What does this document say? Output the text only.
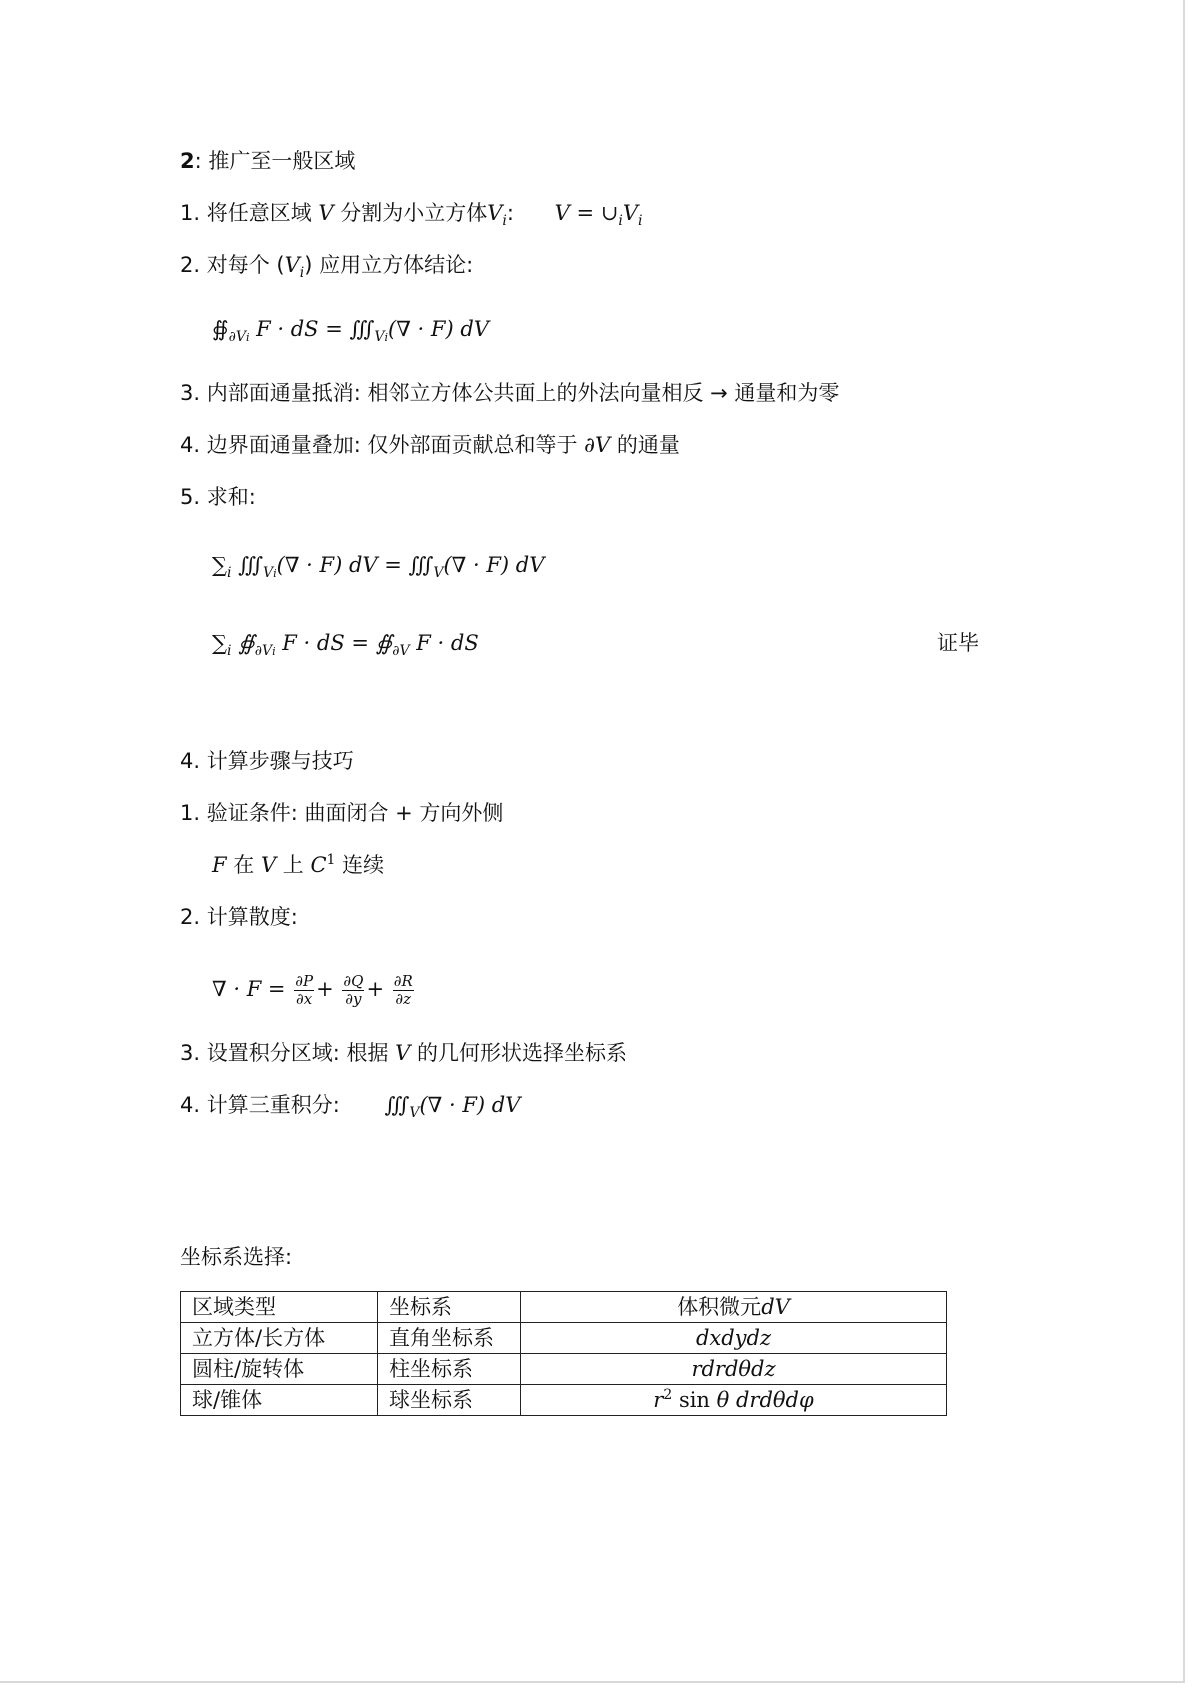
2: 推广至一般区域
1. 将任意区域 V 分割为小立方体$V_i$: $V = \cup_iV_i$
2. 对每个 $(V_i)$ 应用立方体结论:
$∯_{\partial Vi}$ F · dS = $∭_{Vi}(\nabla \cdot F)$ dV
3. 内部面通量抵消: 相邻立方体公共面上的外法向量相反 → 通量和为零
4. 边界面通量叠加: 仅外部面贡献总和等于 ∂V 的通量
5. 求和:
$\sum_i$ $∭_{Vi}(\nabla \cdot F)$ dV = $∭_V(\nabla \cdot F)$ dV
$\sum_i$ $∯_{\partial Vi}$ F · dS = $∯_{\partial V}$ F · dS	证毕
4. 计算步骤与技巧
1. 验证条件: 曲面闭合 + 方向外侧
F 在 V 上 $C^1$ 连续
2. 计算散度:
∇ · $F = \frac{\partial P}{\partial x} + \frac{\partial Q}{\partial y} + \frac{\partial R}{\partial z}$
3. 设置积分区域: 根据 V 的几何形状选择坐标系
4. 计算三重积分: $∭_V(\nabla \cdot F)$ dV
坐标系选择:
区域类型	坐标系	体积微元dV
立方体/长方体	直角坐标系	dxdydz
圆柱/旋转体	柱坐标系	rdrdθdz
球/锥体	球坐标系	$r^2$ sin θ drdθdφ
